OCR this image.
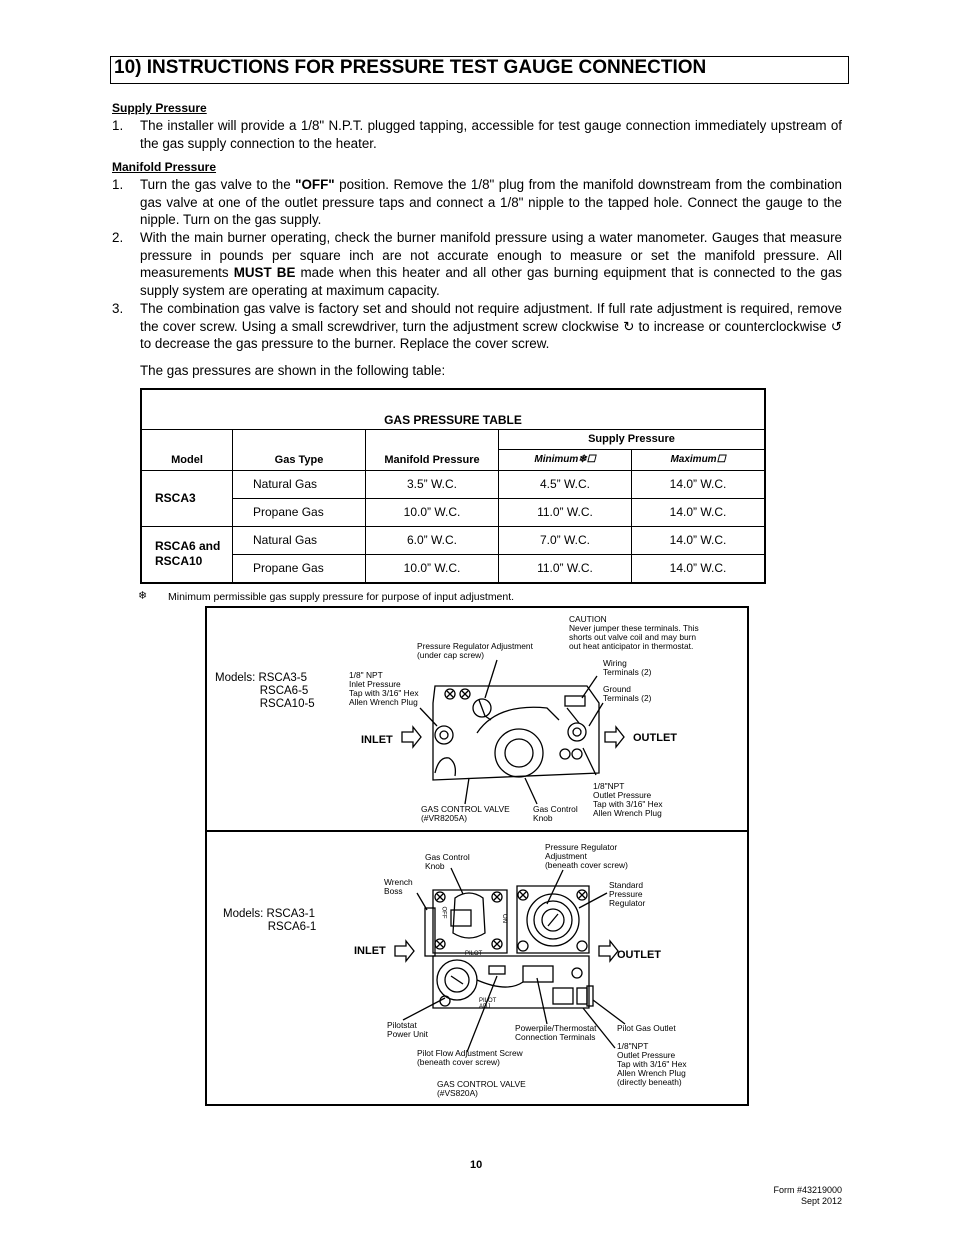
10) INSTRUCTIONS FOR PRESSURE TEST GAUGE CONNECTION
Supply Pressure
1. The installer will provide a 1/8" N.P.T. plugged tapping, accessible for test gauge connection immediately upstream of the gas supply connection to the heater.
Manifold Pressure
1. Turn the gas valve to the "OFF" position. Remove the 1/8" plug from the manifold downstream from the combination gas valve at one of the outlet pressure taps and connect a 1/8" nipple to the tapped hole. Connect the gauge to the nipple. Turn on the gas supply.
2. With the main burner operating, check the burner manifold pressure using a water manometer. Gauges that measure pressure in pounds per square inch are not accurate enough to measure or set the manifold pressure. All measurements MUST BE made when this heater and all other gas burning equipment that is connected to the gas supply system are operating at maximum capacity.
3. The combination gas valve is factory set and should not require adjustment. If full rate adjustment is required, remove the cover screw. Using a small screwdriver, turn the adjustment screw clockwise ↻ to increase or counterclockwise ↺ to decrease the gas pressure to the burner. Replace the cover screw.
The gas pressures are shown in the following table:
GAS PRESSURE TABLE				
Model	Gas Type	Manifold Pressure	Supply Pressure	
			Minimum❄☐	Maximum☐
RSCA3	Natural Gas	3.5” W.C.	4.5” W.C.	14.0” W.C.
	Propane Gas	10.0” W.C.	11.0” W.C.	14.0” W.C.
RSCA6 and RSCA10	Natural Gas	6.0” W.C.	7.0” W.C.	14.0” W.C.
	Propane Gas	10.0” W.C.	11.0” W.C.	14.0” W.C.
❄ Minimum permissible gas supply pressure for purpose of input adjustment.
Models: RSCA3-5
RSCA6-5
RSCA10-5
INLET	OUTLET
CAUTION
Never jumper these terminals. This
shorts out valve coil and may burn
out heat anticipator in thermostat.
Pressure Regulator Adjustment
(under cap screw)
1/8" NPT
Inlet Pressure
Tap with 3/16" Hex
Allen Wrench Plug
Wiring
Terminals (2)
Ground
Terminals (2)
1/8"NPT
Outlet Pressure
Tap with 3/16" Hex
Allen Wrench Plug
GAS CONTROL VALVE
(#VR8205A)
Gas Control
Knob
Models: RSCA3-1
RSCA6-1
INLET	OUTLET
Gas Control
Knob
Pressure Regulator
Adjustment
(beneath cover screw)
Wrench
Boss
Standard
Pressure
Regulator
Pilotstat
Power Unit
Powerpile/Thermostat
Connection Terminals
Pilot Gas Outlet
1/8"NPT
Outlet Pressure
Tap with 3/16" Hex
Allen Wrench Plug
(directly beneath)
Pilot Flow Adjustment Screw
(beneath cover screw)
GAS CONTROL VALVE
(#VS820A)
OFF	ON
PILOT
PILOT
ADJ
10
Form #43219000
Sept 2012
